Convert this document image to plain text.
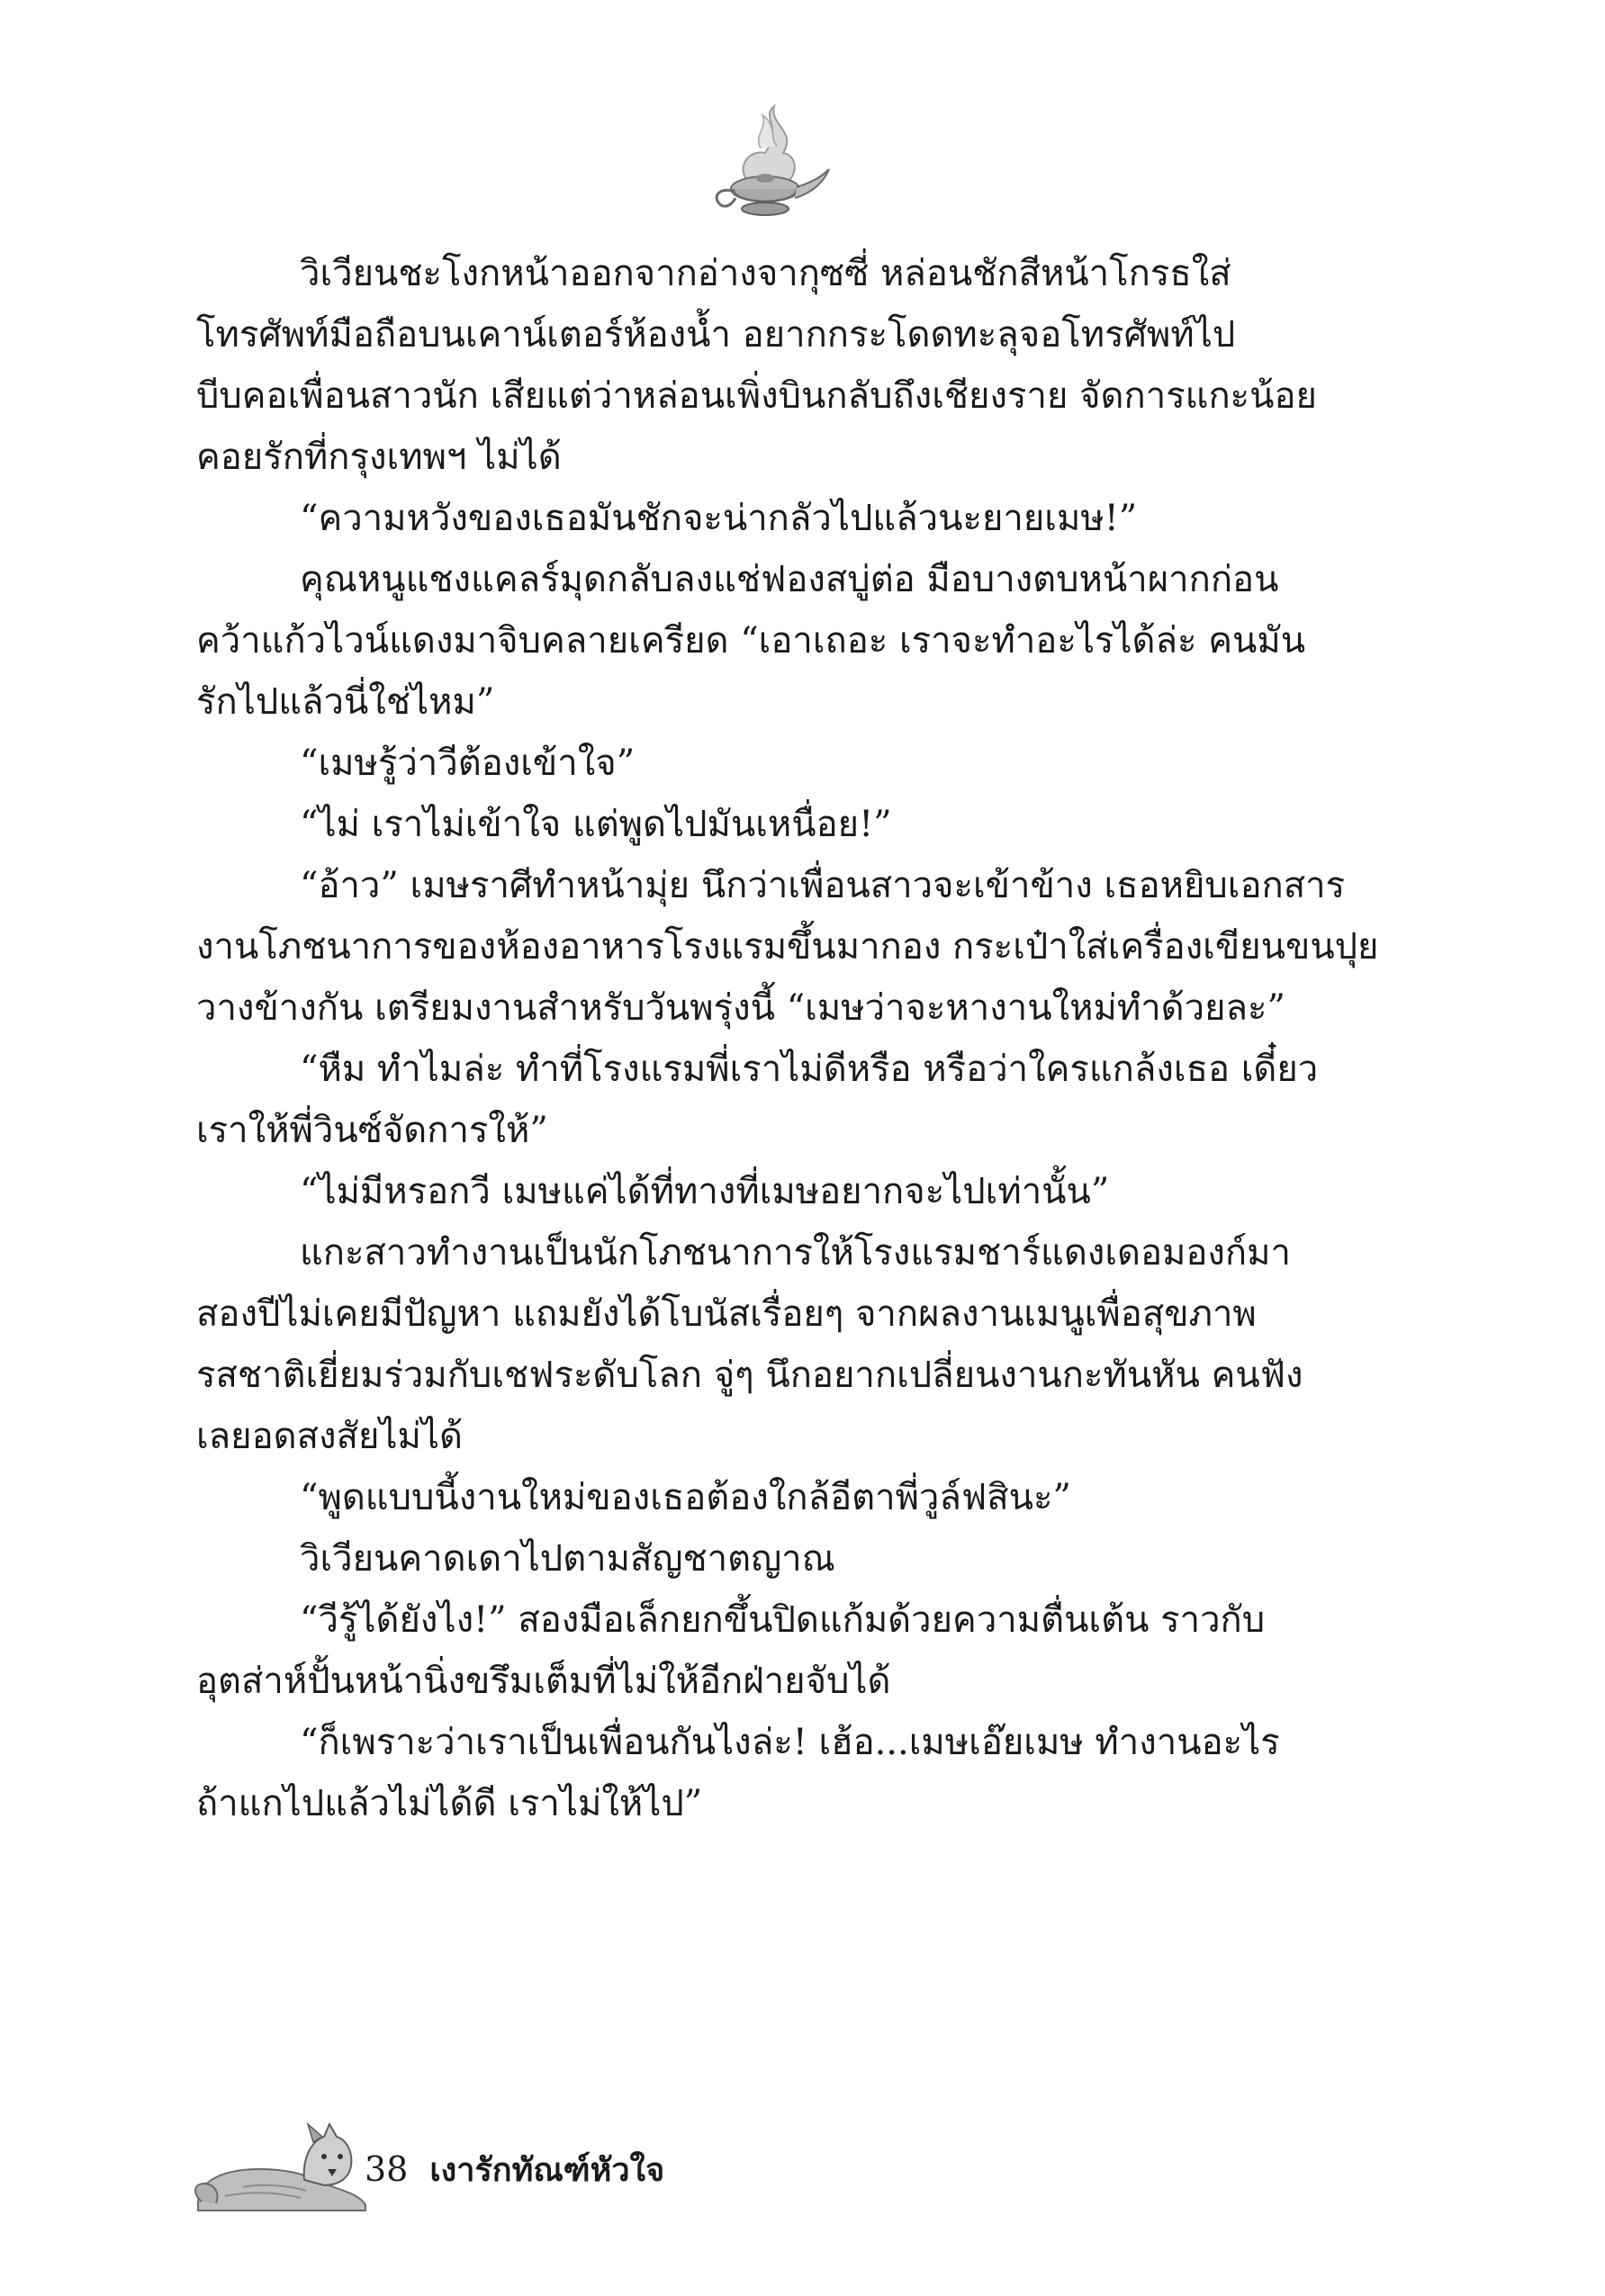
วิเวียนชะโงกหน้าออกจากอ่างจากุซซี่ หล่อนชักสีหน้าโกรธใส่
โทรศัพท์มือถือบนเคาน์เตอร์ห้องน้ำ อยากกระโดดทะลุจอโทรศัพท์ไป
บีบคอเพื่อนสาวนัก เสียแต่ว่าหล่อนเพิ่งบินกลับถึงเชียงราย จัดการแกะน้อย
คอยรักที่กรุงเทพฯ ไม่ได้
“ความหวังของเธอมันชักจะน่ากลัวไปแล้วนะยายเมษ!”
คุณหนูแชงแคลร์มุดกลับลงแช่ฟองสบู่ต่อ มือบางตบหน้าผากก่อน
คว้าแก้วไวน์แดงมาจิบคลายเครียด “เอาเถอะ เราจะทำอะไรได้ล่ะ คนมัน
รักไปแล้วนี่ใช่ไหม”
“เมษรู้ว่าวีต้องเข้าใจ”
“ไม่ เราไม่เข้าใจ แต่พูดไปมันเหนื่อย!”
“อ้าว” เมษราศีทำหน้ามุ่ย นึกว่าเพื่อนสาวจะเข้าข้าง เธอหยิบเอกสาร
งานโภชนาการของห้องอาหารโรงแรมขึ้นมากอง กระเป๋าใส่เครื่องเขียนขนปุย
วางข้างกัน เตรียมงานสำหรับวันพรุ่งนี้ “เมษว่าจะหางานใหม่ทำด้วยละ”
“หืม ทำไมล่ะ ทำที่โรงแรมพี่เราไม่ดีหรือ หรือว่าใครแกล้งเธอ เดี๋ยว
เราให้พี่วินซ์จัดการให้”
“ไม่มีหรอกวี เมษแค่ได้ที่ทางที่เมษอยากจะไปเท่านั้น”
แกะสาวทำงานเป็นนักโภชนาการให้โรงแรมชาร์แดงเดอมองก์มา
สองปีไม่เคยมีปัญหา แถมยังได้โบนัสเรื่อยๆ จากผลงานเมนูเพื่อสุขภาพ
รสชาติเยี่ยมร่วมกับเชฟระดับโลก จู่ๆ นึกอยากเปลี่ยนงานกะทันหัน คนฟัง
เลยอดสงสัยไม่ได้
“พูดแบบนี้งานใหม่ของเธอต้องใกล้อีตาพี่วูล์ฟสินะ”
วิเวียนคาดเดาไปตามสัญชาตญาณ
“วีรู้ได้ยังไง!” สองมือเล็กยกขึ้นปิดแก้มด้วยความตื่นเต้น ราวกับ
อุตส่าห์ปั้นหน้านิ่งขรึมเต็มที่ไม่ให้อีกฝ่ายจับได้
“ก็เพราะว่าเราเป็นเพื่อนกันไงล่ะ! เฮ้อ...เมษเอ๊ยเมษ ทำงานอะไร
ถ้าแกไปแล้วไม่ได้ดี เราไม่ให้ไป”
38 เงารักทัณฑ์หัวใจ
